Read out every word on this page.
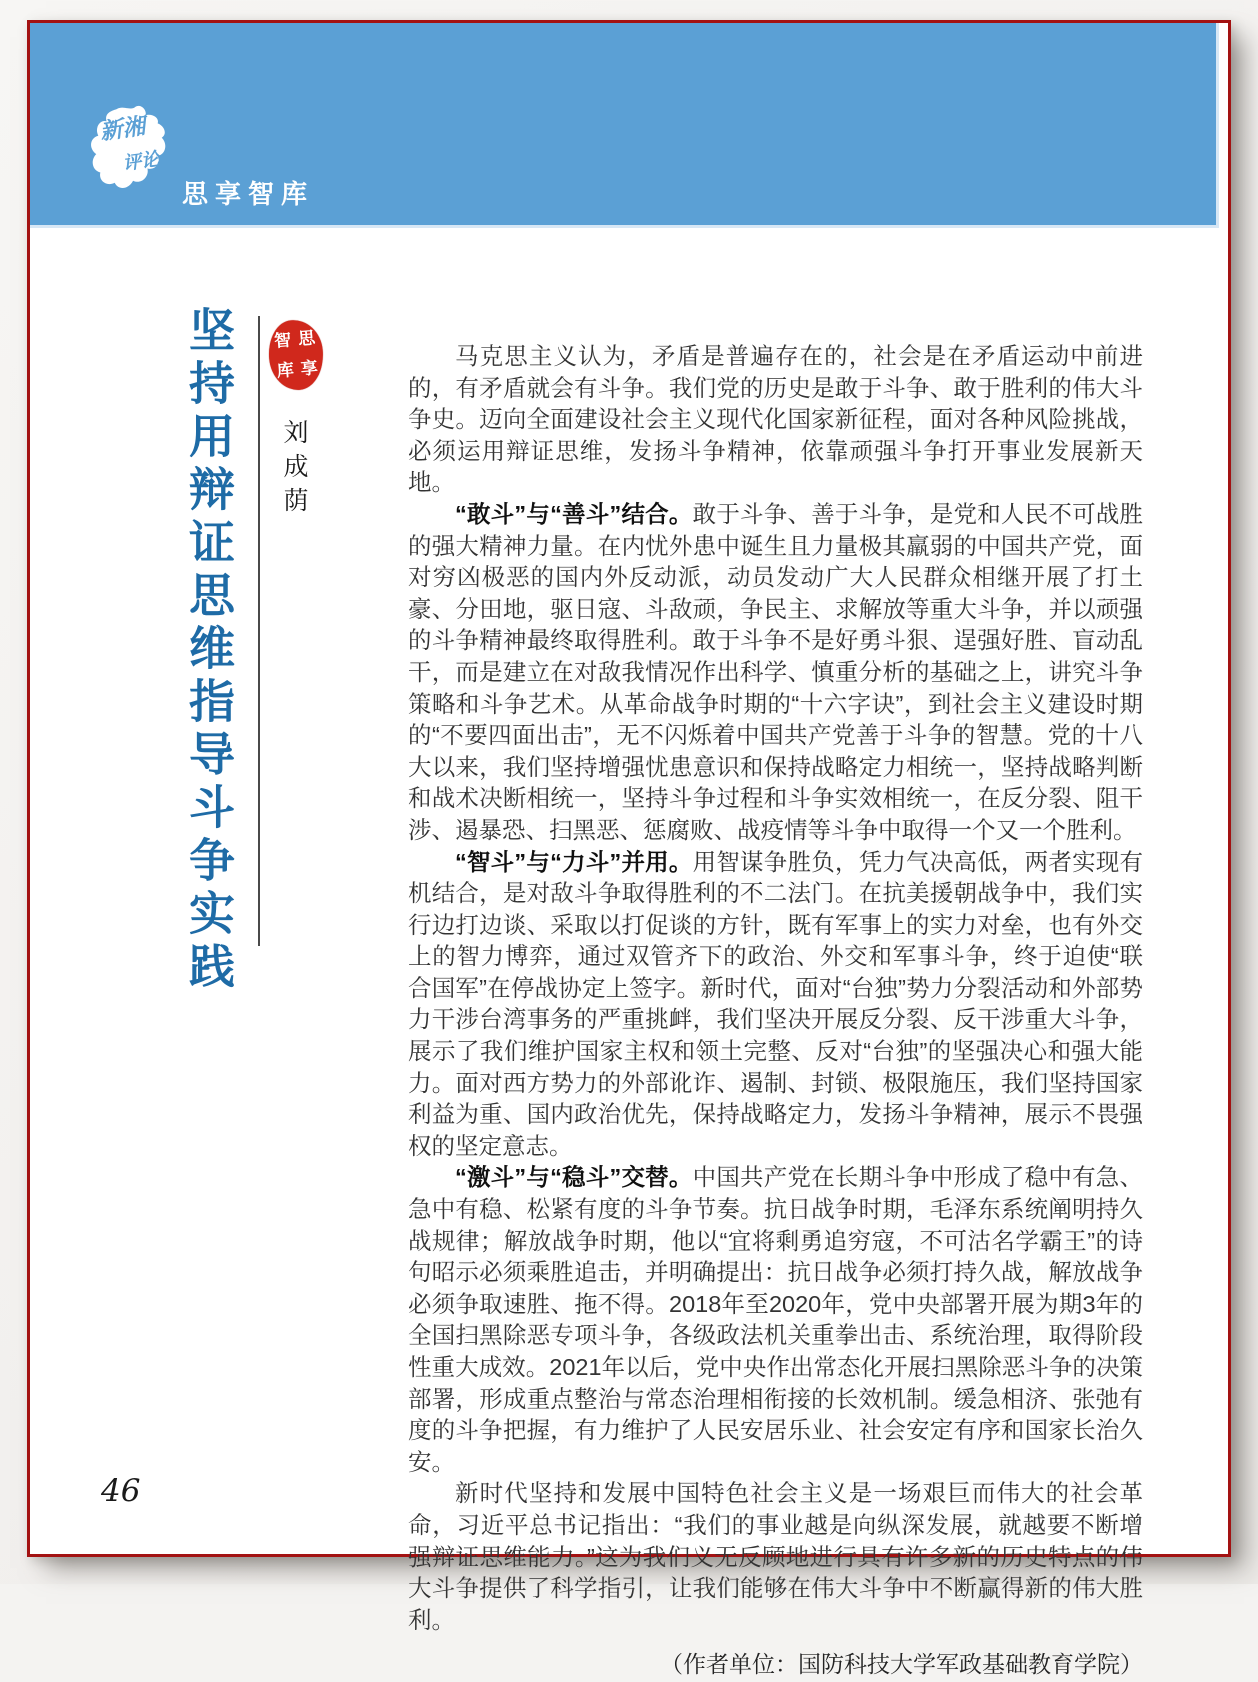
新湘
评论
思享智库
坚持用辩证思维指导斗争实践 智 思
库 享
刘成荫

马克思主义认为，矛盾是普遍存在的，社会是在矛盾运动中前进的，有矛盾就会有斗争。我们党的历史是敢于斗争、敢于胜利的伟大斗争史。迈向全面建设社会主义现代化国家新征程，面对各种风险挑战，必须运用辩证思维，发扬斗争精神，依靠顽强斗争打开事业发展新天地。

“敢斗”与“善斗”结合。敢于斗争、善于斗争，是党和人民不可战胜的强大精神力量。在内忧外患中诞生且力量极其羸弱的中国共产党，面对穷凶极恶的国内外反动派，动员发动广大人民群众相继开展了打土豪、分田地，驱日寇、斗敌顽，争民主、求解放等重大斗争，并以顽强的斗争精神最终取得胜利。敢于斗争不是好勇斗狠、逞强好胜、盲动乱干，而是建立在对敌我情况作出科学、慎重分析的基础之上，讲究斗争策略和斗争艺术。从革命战争时期的“十六字诀”，到社会主义建设时期的“不要四面出击”，无不闪烁着中国共产党善于斗争的智慧。党的十八大以来，我们坚持增强忧患意识和保持战略定力相统一，坚持战略判断和战术决断相统一，坚持斗争过程和斗争实效相统一，在反分裂、阻干涉、遏暴恐、扫黑恶、惩腐败、战疫情等斗争中取得一个又一个胜利。

“智斗”与“力斗”并用。用智谋争胜负，凭力气决高低，两者实现有机结合，是对敌斗争取得胜利的不二法门。在抗美援朝战争中，我们实行边打边谈、采取以打促谈的方针，既有军事上的实力对垒，也有外交上的智力博弈，通过双管齐下的政治、外交和军事斗争，终于迫使“联合国军”在停战协定上签字。新时代，面对“台独”势力分裂活动和外部势力干涉台湾事务的严重挑衅，我们坚决开展反分裂、反干涉重大斗争，展示了我们维护国家主权和领土完整、反对“台独”的坚强决心和强大能力。面对西方势力的外部讹诈、遏制、封锁、极限施压，我们坚持国家利益为重、国内政治优先，保持战略定力，发扬斗争精神，展示不畏强权的坚定意志。

“激斗”与“稳斗”交替。中国共产党在长期斗争中形成了稳中有急、急中有稳、松紧有度的斗争节奏。抗日战争时期，毛泽东系统阐明持久战规律；解放战争时期，他以“宜将剩勇追穷寇，不可沽名学霸王”的诗句昭示必须乘胜追击，并明确提出：抗日战争必须打持久战，解放战争必须争取速胜、拖不得。2018年至2020年，党中央部署开展为期3年的全国扫黑除恶专项斗争，各级政法机关重拳出击、系统治理，取得阶段性重大成效。2021年以后，党中央作出常态化开展扫黑除恶斗争的决策部署，形成重点整治与常态治理相衔接的长效机制。缓急相济、张弛有度的斗争把握，有力维护了人民安居乐业、社会安定有序和国家长治久安。

新时代坚持和发展中国特色社会主义是一场艰巨而伟大的社会革命，习近平总书记指出：“我们的事业越是向纵深发展，就越要不断增强辩证思维能力。”这为我们义无反顾地进行具有许多新的历史特点的伟大斗争提供了科学指引，让我们能够在伟大斗争中不断赢得新的伟大胜利。

（作者单位：国防科技大学军政基础教育学院）
46
